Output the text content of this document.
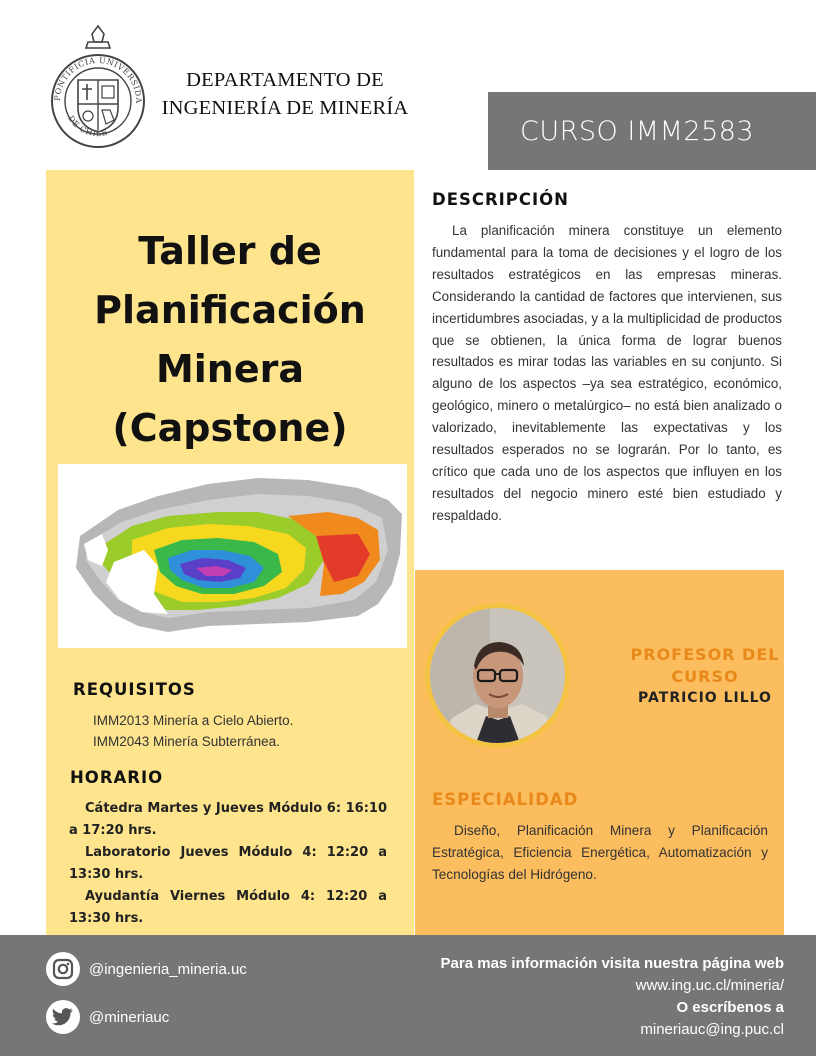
PONTIFICIA UNIVERSIDA
DE CHILE
DEPARTAMENTO DE
INGENIERÍA DE MINERÍA
CURSO IMM2583
Taller de
Planificación
Minera
(Capstone)
REQUISITOS
IMM2013 Minería a Cielo Abierto.
IMM2043 Minería Subterránea.
HORARIO

Cátedra Martes y Jueves Módulo 6: 16:10 a 17:20 hrs.

Laboratorio Jueves Módulo 4: 12:20 a 13:30 hrs.

Ayudantía Viernes Módulo 4: 12:20 a 13:30 hrs.

DESCRIPCIÓN

La planificación minera constituye un elemento fundamental para la toma de decisiones y el logro de los resultados estratégicos en las empresas mineras. Considerando la cantidad de factores que intervienen, sus incertidumbres asociadas, y a la multiplicidad de productos que se obtienen, la única forma de lograr buenos resultados es mirar todas las variables en su conjunto. Si alguno de los aspectos –ya sea estratégico, económico, geológico, minero o metalúrgico– no está bien analizado o valorizado, inevitablemente las expectativas y los resultados esperados no se lograrán. Por lo tanto, es crítico que cada uno de los aspectos que influyen en los resultados del negocio minero esté bien estudiado y respaldado.

PROFESOR DEL
CURSO
PATRICIO LILLO
ESPECIALIDAD

Diseño, Planificación Minera y Planificación Estratégica, Eficiencia Energética, Automatización y Tecnologías del Hidrógeno.

@ingenieria_mineria.uc
@mineriauc
Para mas información visita nuestra página web
www.ing.uc.cl/mineria/
O escríbenos a
mineriauc@ing.puc.cl
